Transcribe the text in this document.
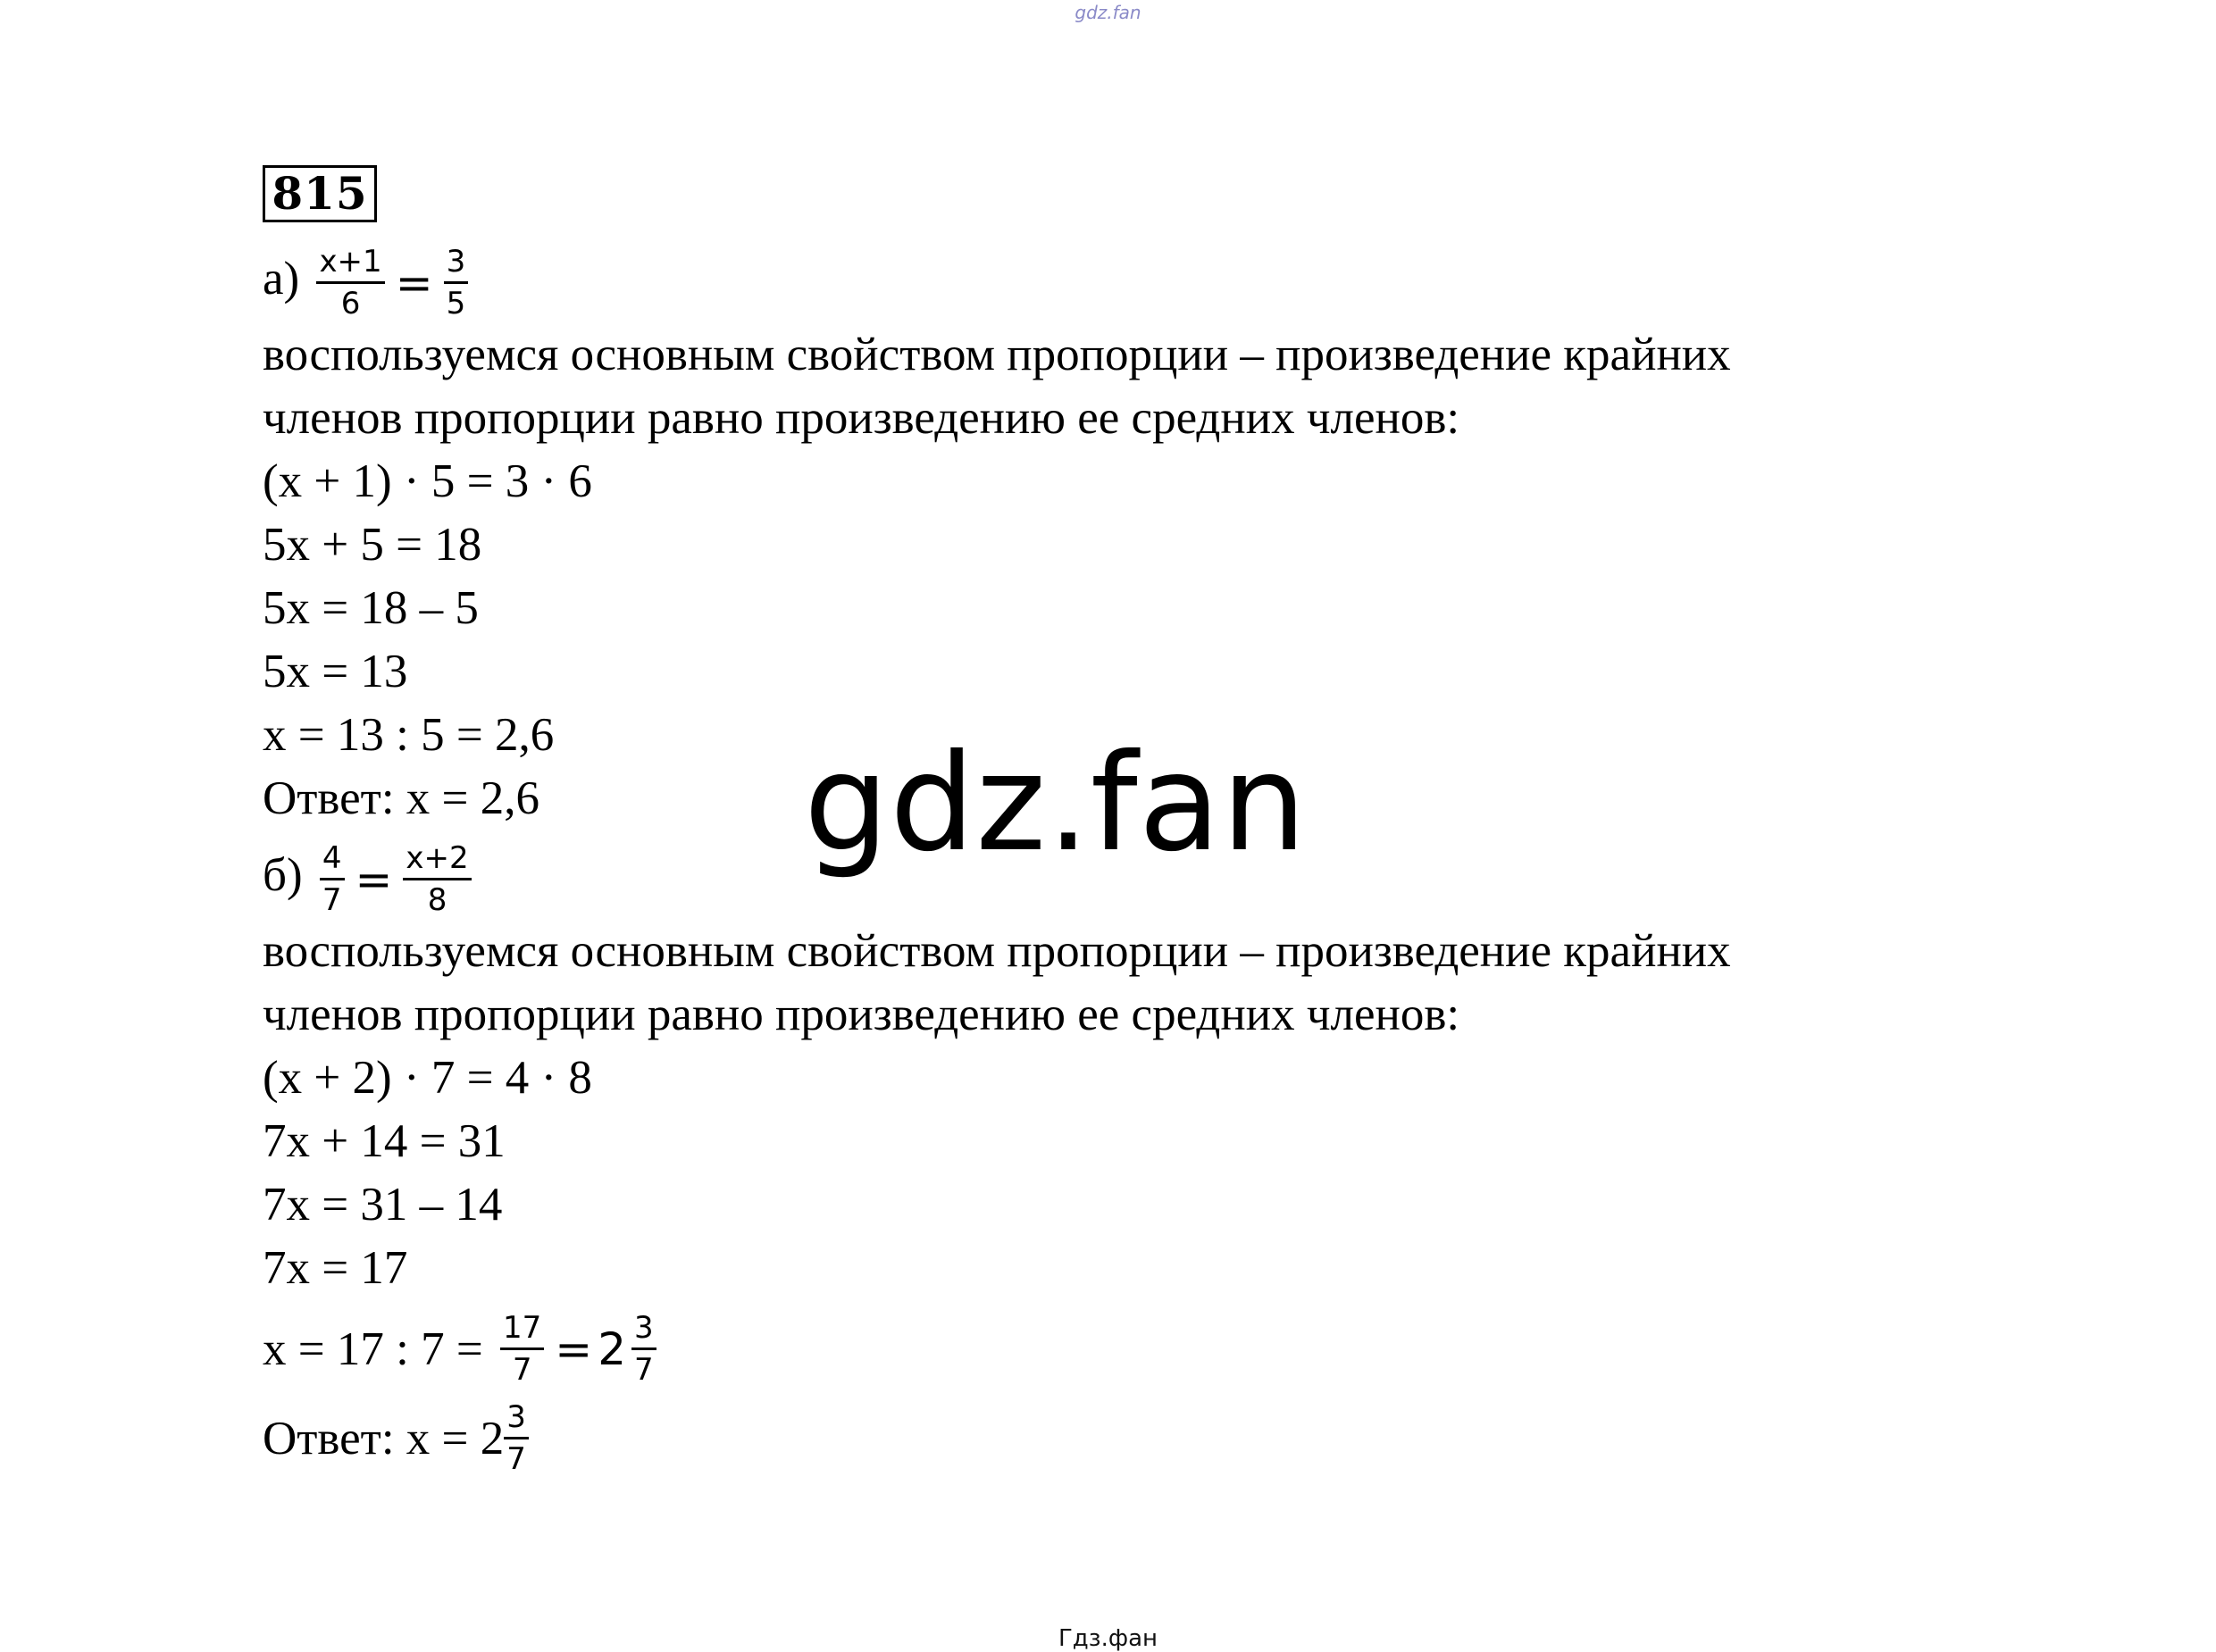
gdz.fan
815
$а) \frac{x+1}{6} = \frac{3}{5}$
воспользуемся основным свойством пропорции – произведение крайних
членов пропорции равно произведению ее средних членов:
(x + 1) · 5 = 3 · 6
5x + 5 = 18
5x = 18 – 5
5x = 13
x = 13 : 5 = 2,6
Ответ: x = 2,6
$б) \frac{4}{7} = \frac{x+2}{8}$
воспользуемся основным свойством пропорции – произведение крайних
членов пропорции равно произведению ее средних членов:
(x + 2) · 7 = 4 · 8
7x + 14 = 31
7x = 31 – 14
7x = 17
x = 17 : $7 = \frac{17}{7} = 2 \frac{3}{7}$
Ответ: $x = 2 \frac{3}{7}$
gdz.fan
Гдз.фан
